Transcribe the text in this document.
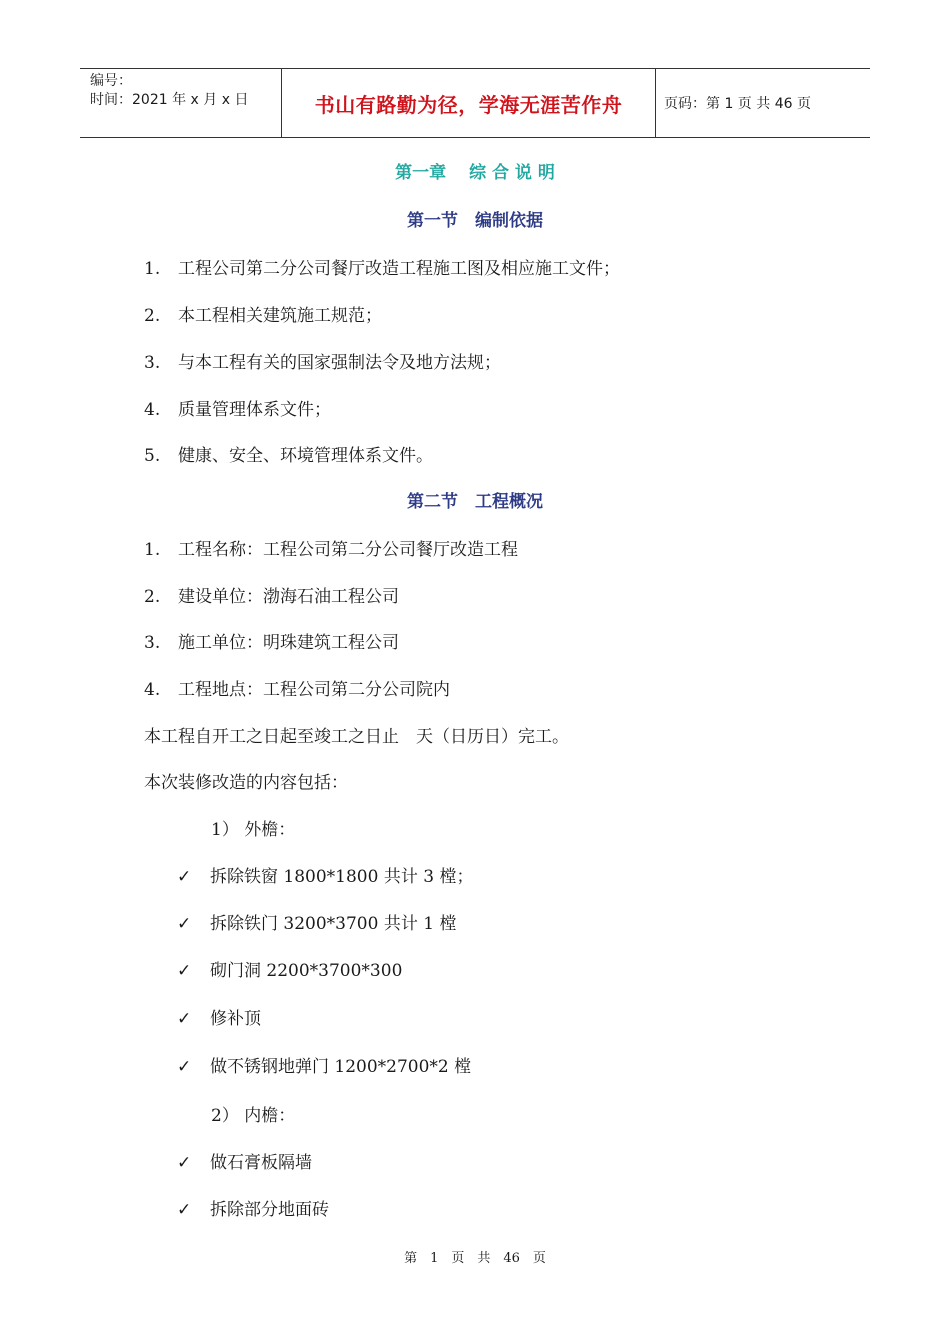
编号：
时间：2021 年 x 月 x 日	书山有路勤为径，学海无涯苦作舟	页码：第 1 页 共 46 页
第一章　 综 合 说 明
第一节　编制依据
1. 工程公司第二分公司餐厅改造工程施工图及相应施工文件；
2. 本工程相关建筑施工规范；
3. 与本工程有关的国家强制法令及地方法规；
4. 质量管理体系文件；
5. 健康、安全、环境管理体系文件。
第二节　工程概况
1. 工程名称：工程公司第二分公司餐厅改造工程
2. 建设单位：渤海石油工程公司
3. 施工单位：明珠建筑工程公司
4. 工程地点：工程公司第二分公司院内
本工程自开工之日起至竣工之日止　天（日历日）完工。
本次装修改造的内容包括：
1） 外檐：
✓ 拆除铁窗 1800*1800 共计 3 樘；
✓ 拆除铁门 3200*3700 共计 1 樘
✓ 砌门洞 2200*3700*300
✓ 修补顶
✓ 做不锈钢地弹门 1200*2700*2 樘
2） 内檐：
✓ 做石膏板隔墙
✓ 拆除部分地面砖
第　1　页　共　46　页
